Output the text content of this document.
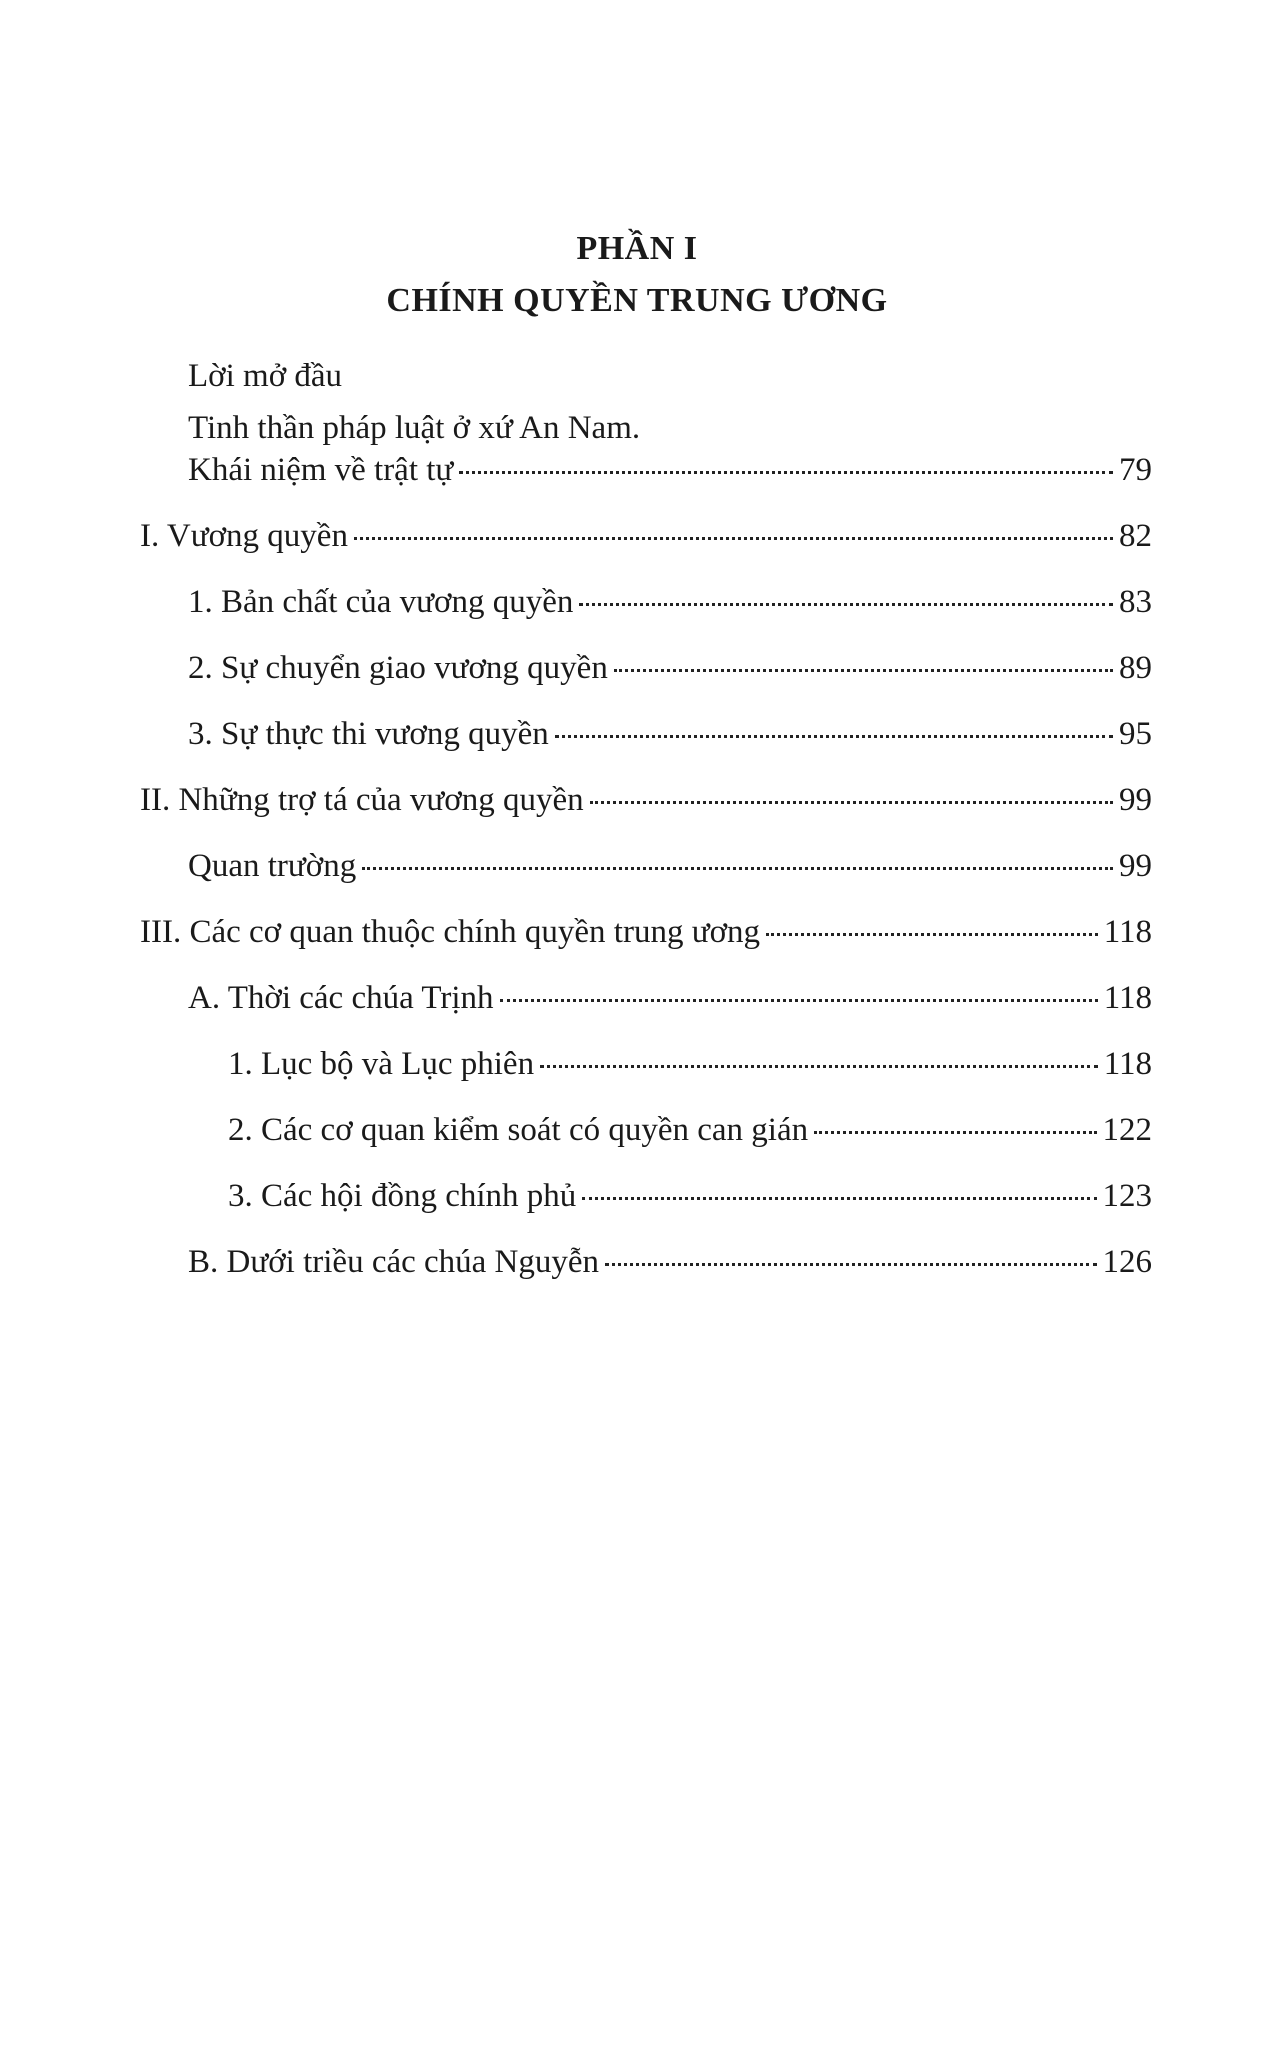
PHẦN I
CHÍNH QUYỀN TRUNG ƯƠNG
Lời mở đầu
Tinh thần pháp luật ở xứ An Nam.
Khái niệm về trật tự	79
I. Vương quyền	82
1. Bản chất của vương quyền	83
2. Sự chuyển giao vương quyền	89
3. Sự thực thi vương quyền	95
II. Những trợ tá của vương quyền	99
Quan trường	99
III. Các cơ quan thuộc chính quyền trung ương	118
A. Thời các chúa Trịnh	118
1. Lục bộ và Lục phiên	118
2. Các cơ quan kiểm soát có quyền can gián	122
3. Các hội đồng chính phủ	123
B. Dưới triều các chúa Nguyễn	126
